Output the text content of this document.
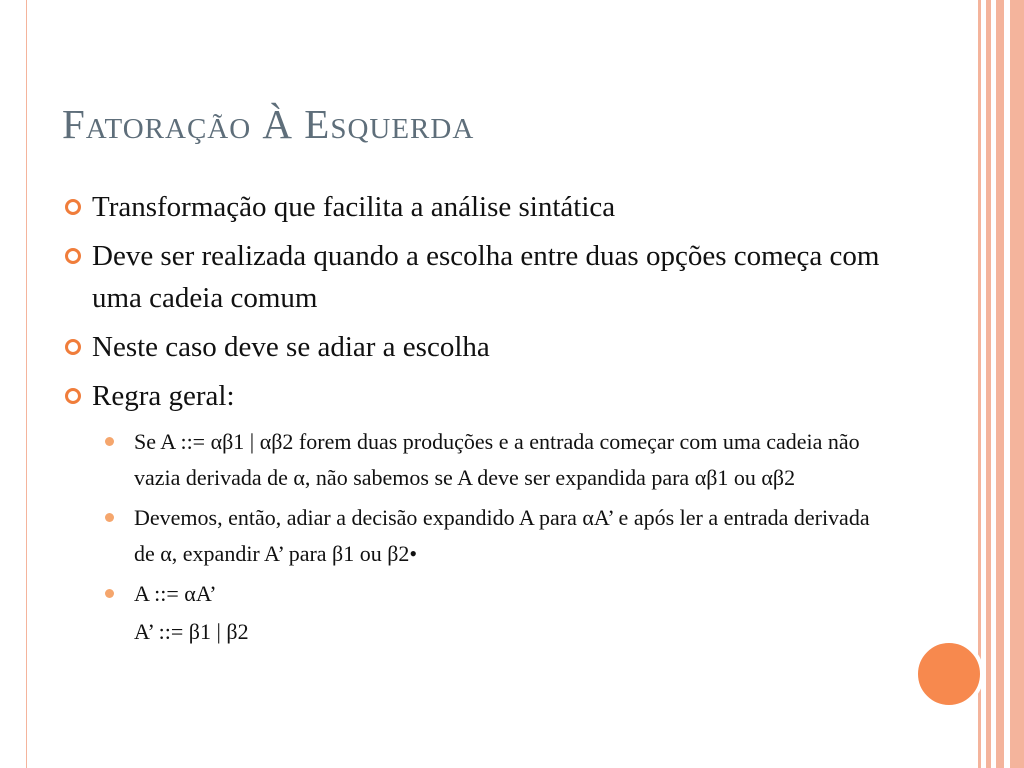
Fatoração À Esquerda
Transformação que facilita a análise sintática
Deve ser realizada quando a escolha entre duas opções começa com uma cadeia comum
Neste caso deve se adiar a escolha
Regra geral:
Se A ::= αβ1 | αβ2 forem duas produções e a entrada começar com uma cadeia não vazia derivada de α, não sabemos se A deve ser expandida para αβ1 ou αβ2
Devemos, então, adiar a decisão expandido A para αA’ e após ler a entrada derivada de α, expandir A’ para β1 ou β2•
A ::= αA’
A’ ::= β1 | β2
